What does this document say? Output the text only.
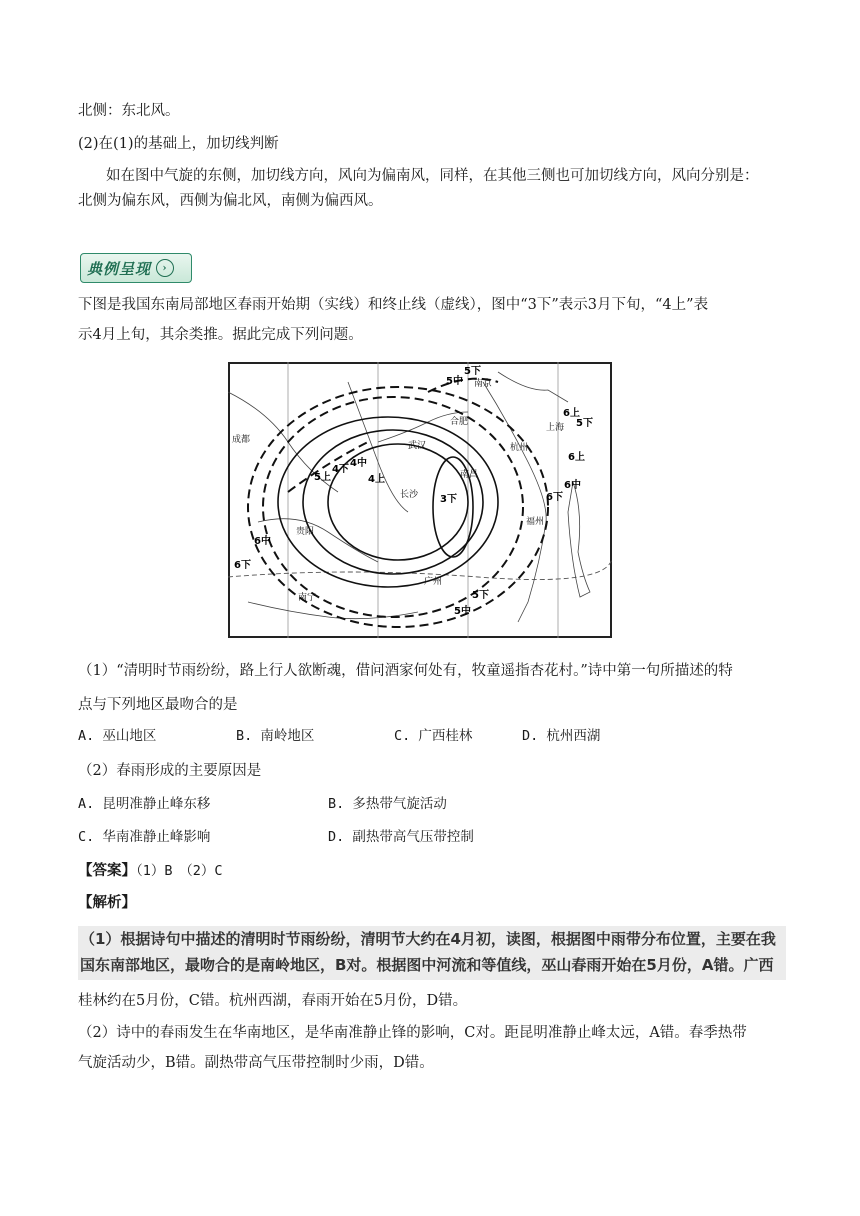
北侧：东北风。

(2)在(1)的基础上，加切线判断

如在图中气旋的东侧，加切线方向，风向为偏南风，同样，在其他三侧也可加切线方向，风向分别是：

北侧为偏东风，西侧为偏北风，南侧为偏西风。

典例呈现	›

下图是我国东南局部地区春雨开始期（实线）和终止线（虚线），图中“3下”表示3月下旬，“4上”表

示4月上旬，其余类推。据此完成下列问题。

成都
武汉
合肥
南京
上海
杭州
长沙
南昌
贵阳
福州
广州
南宁
5下
5中
6上
5下
6上
5上
4下
4中
4上
3下
6中
6中
6下
6下
5下
5中

（1）“清明时节雨纷纷，路上行人欲断魂，借问酒家何处有，牧童遥指杏花村。”诗中第一句所描述的特

点与下列地区最吻合的是

A. 巫山地区	B. 南岭地区	C. 广西桂林	D. 杭州西湖

（2）春雨形成的主要原因是

A. 昆明准静止峰东移	B. 多热带气旋活动
C. 华南准静止峰影响	D. 副热带高气压带控制

【答案】（1）B　（2）C

【解析】

（1）根据诗句中描述的清明时节雨纷纷，清明节大约在4月初，读图，根据图中雨带分布位置，主要在我

国东南部地区，最吻合的是南岭地区，B对。根据图中河流和等值线，巫山春雨开始在5月份，A错。广西

桂林约在5月份，C错。杭州西湖，春雨开始在5月份，D错。

（2）诗中的春雨发生在华南地区，是华南准静止锋的影响，C对。距昆明准静止峰太远，A错。春季热带

气旋活动少，B错。副热带高气压带控制时少雨，D错。
